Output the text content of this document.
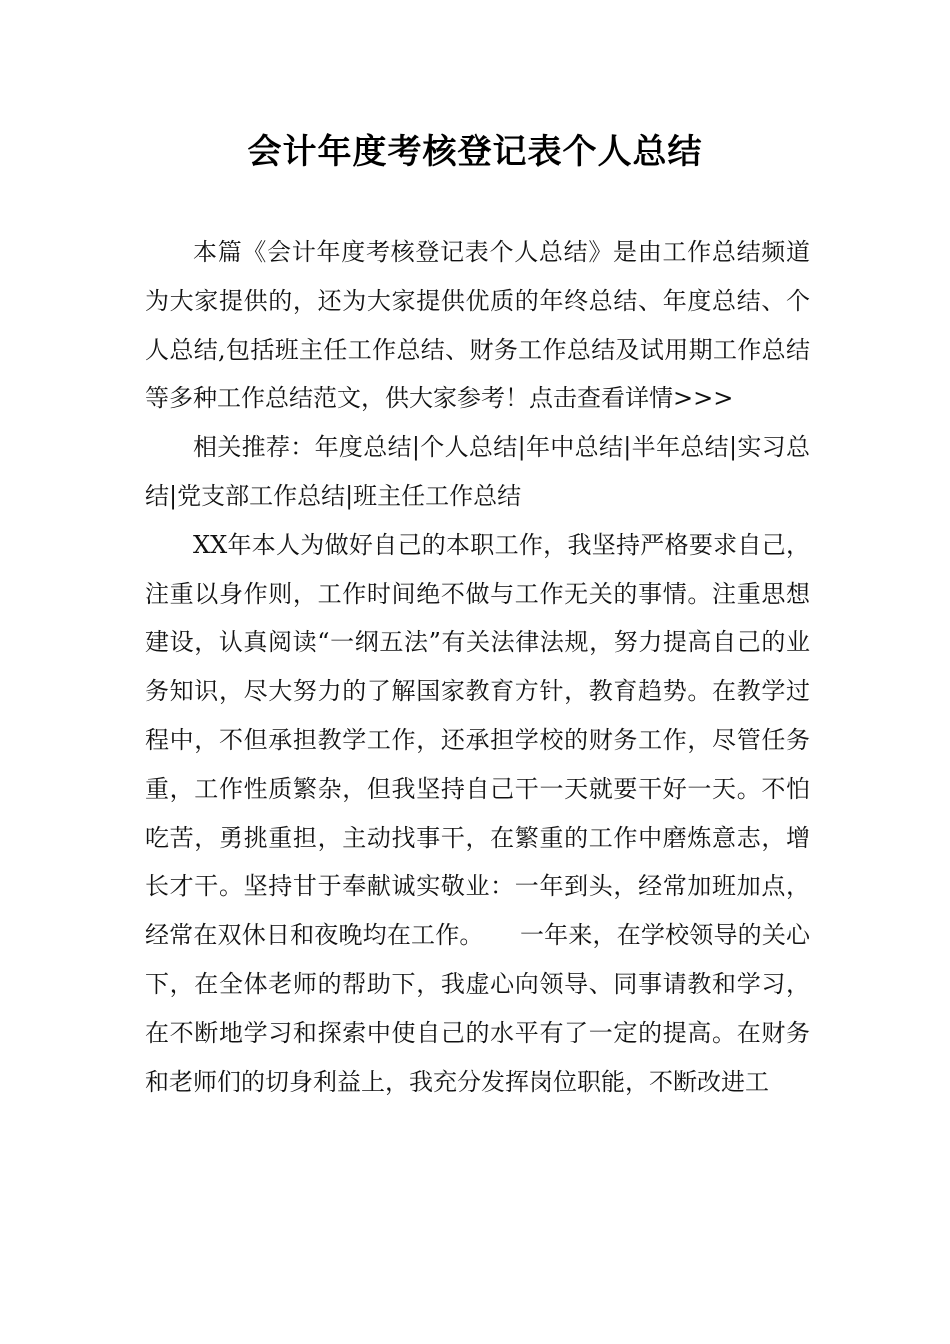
会计年度考核登记表个人总结

本篇《会计年度考核登记表个人总结》是由工作总结频道为大家提供的，还为大家提供优质的年终总结、年度总结、个人总结,包括班主任工作总结、财务工作总结及试用期工作总结等多种工作总结范文，供大家参考！点击查看详情>>>

相关推荐：年度总结|个人总结|年中总结|半年总结|实习总结|党支部工作总结|班主任工作总结

XX年本人为做好自己的本职工作，我坚持严格要求自己，注重以身作则，工作时间绝不做与工作无关的事情。注重思想建设，认真阅读“一纲五法”有关法律法规，努力提高自己的业务知识，尽大努力的了解国家教育方针，教育趋势。在教学过程中，不但承担教学工作，还承担学校的财务工作，尽管任务重，工作性质繁杂，但我坚持自己干一天就要干好一天。不怕吃苦，勇挑重担，主动找事干，在繁重的工作中磨炼意志，增长才干。坚持甘于奉献诚实敬业：一年到头，经常加班加点，经常在双休日和夜晚均在工作。　　一年来，在学校领导的关心下，在全体老师的帮助下，我虚心向领导、同事请教和学习，在不断地学习和探索中使自己的水平有了一定的提高。在财务和老师们的切身利益上，我充分发挥岗位职能，不断改进工
